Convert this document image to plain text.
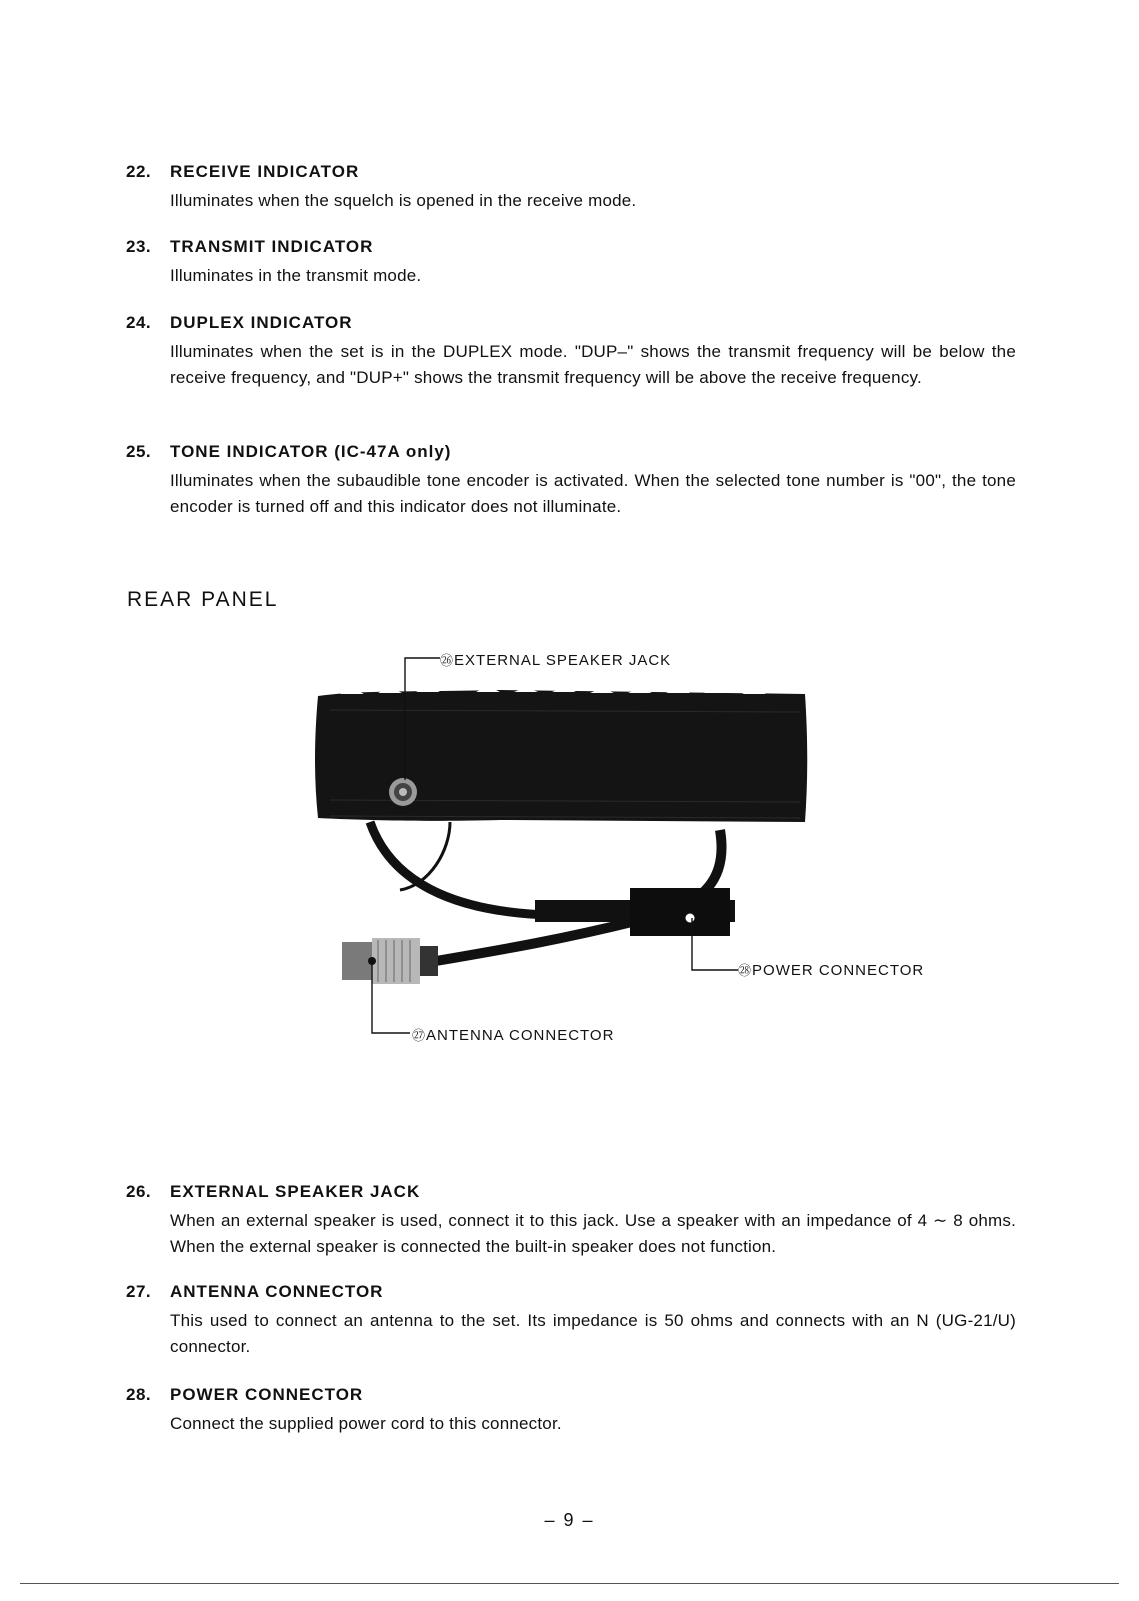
22. RECEIVE INDICATOR
Illuminates when the squelch is opened in the receive mode.
23. TRANSMIT INDICATOR
Illuminates in the transmit mode.
24. DUPLEX INDICATOR
Illuminates when the set is in the DUPLEX mode. "DUP–" shows the transmit frequency will be below the receive frequency, and "DUP+" shows the transmit frequency will be above the receive frequency.
25. TONE INDICATOR (IC-47A only)
Illuminates when the subaudible tone encoder is activated. When the selected tone number is "00", the tone encoder is turned off and this indicator does not illuminate.
REAR PANEL
㉖EXTERNAL SPEAKER JACK
㉘POWER CONNECTOR
㉗ANTENNA CONNECTOR
26. EXTERNAL SPEAKER JACK
When an external speaker is used, connect it to this jack. Use a speaker with an impedance of 4 ∼ 8 ohms. When the external speaker is connected the built-in speaker does not function.
27. ANTENNA CONNECTOR
This used to connect an antenna to the set. Its impedance is 50 ohms and connects with an N (UG-21/U) connector.
28. POWER CONNECTOR
Connect the supplied power cord to this connector.
– 9 –
